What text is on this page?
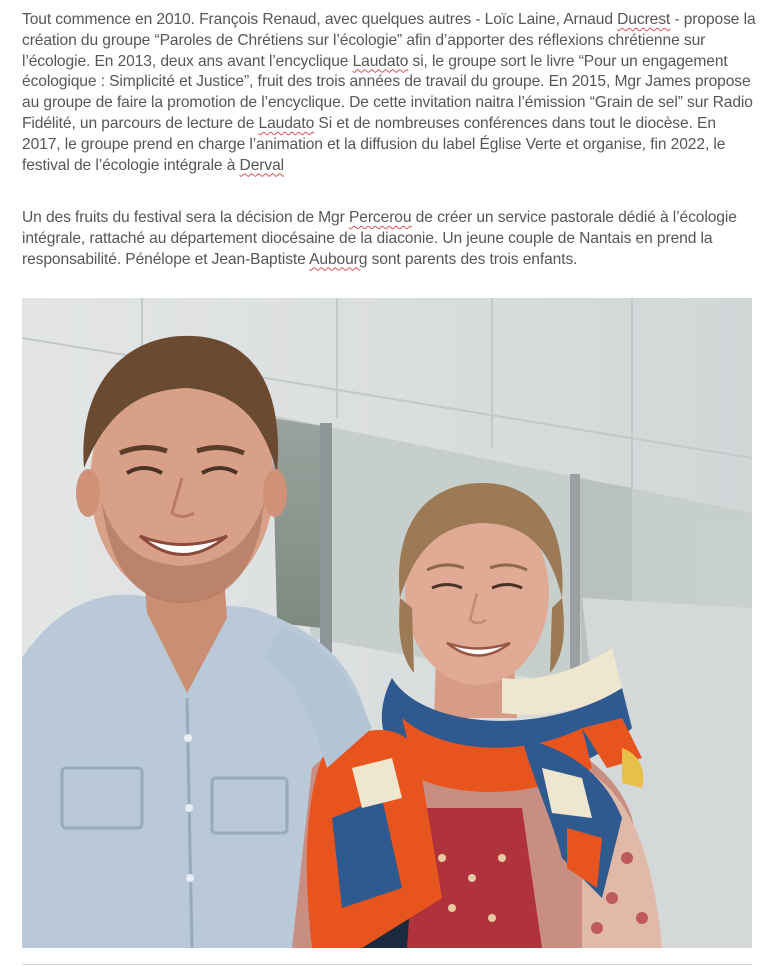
Tout commence en 2010. François Renaud, avec quelques autres - Loïc Laine, Arnaud Ducrest - propose la création du groupe “Paroles de Chrétiens sur l’écologie” afin d’apporter des réflexions chrétienne sur l’écologie. En 2013, deux ans avant l’encyclique Laudato si, le groupe sort le livre “Pour un engagement écologique : Simplicité et Justice”, fruit des trois années de travail du groupe. En 2015, Mgr James propose au groupe de faire la promotion de l’encyclique. De cette invitation naitra l’émission “Grain de sel” sur Radio Fidélité, un parcours de lecture de Laudato Si et de nombreuses conférences dans tout le diocèse. En 2017, le groupe prend en charge l’animation et la diffusion du label Église Verte et organise, fin 2022, le festival de l’écologie intégrale à Derval

Un des fruits du festival sera la décision de Mgr Percerou de créer un service pastorale dédié à l’écologie intégrale, rattaché au département diocésaine de la diaconie. Un jeune couple de Nantais en prend la responsabilité. Pénélope et Jean-Baptiste Aubourg sont parents des trois enfants.
